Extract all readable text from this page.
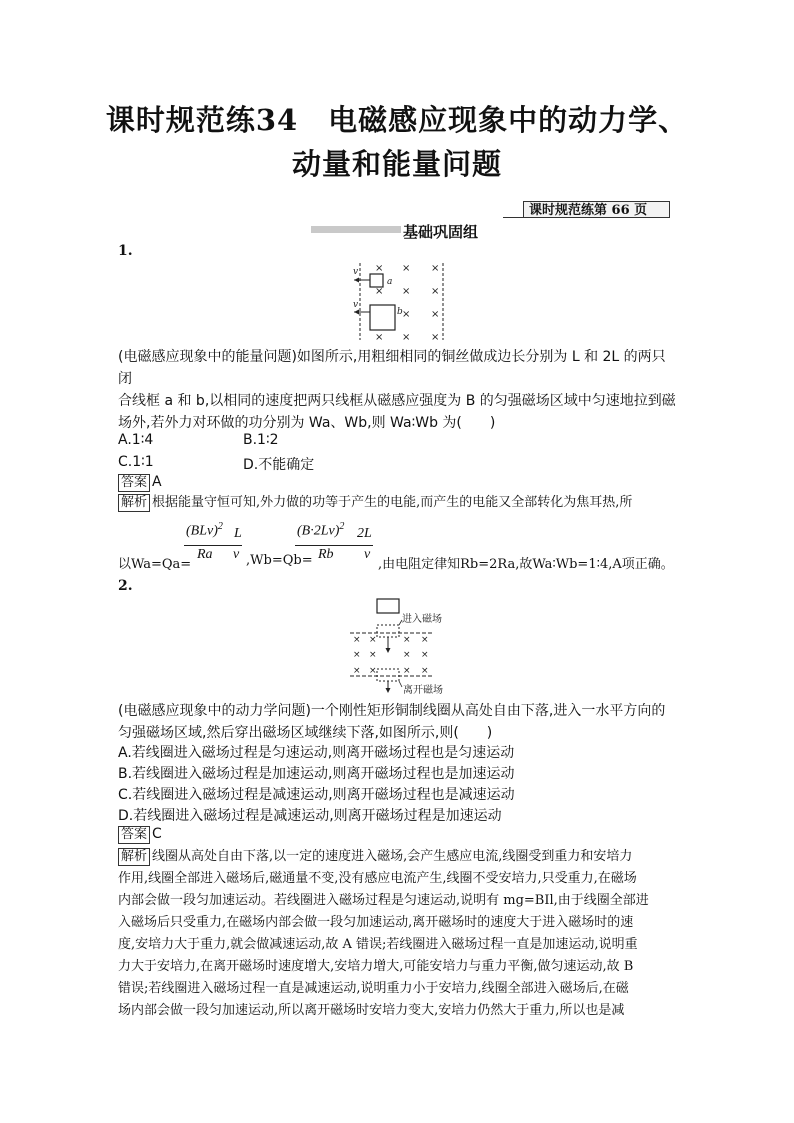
课时规范练34　电磁感应现象中的动力学、
动量和能量问题
课时规范练第 66 页
基础巩固组
1.
× × ×
× × ×
× ×
× × ×
v
v
a
b
(电磁感应现象中的能量问题)如图所示,用粗细相同的铜丝做成边长分别为 L 和 2L 的两只闭
合线框 a 和 b,以相同的速度把两只线框从磁感应强度为 B 的匀强磁场区域中匀速地拉到磁
场外,若外力对环做的功分别为 Wa、Wb,则 Wa∶Wb 为(　　)
A.1∶4	B.1∶2
C.1∶1	D.不能确定
答案 A
解析 根据能量守恒可知,外力做的功等于产生的电能,而产生的电能又全部转化为焦耳热,所
以Wa=Qa=
(BLv)$^2$ L
Ra v ,Wb=Qb=
$(B\cdot 2Lv)^2$ 2L
Rb v
,由电阻定律知Rb=2Ra,故Wa∶Wb=1∶4,A项正确。
2.
× ×	× ×
× ×	× ×
× ×	× ×
进入磁场
离开磁场
(电磁感应现象中的动力学问题)一个刚性矩形铜制线圈从高处自由下落,进入一水平方向的
匀强磁场区域,然后穿出磁场区域继续下落,如图所示,则(　　)
A.若线圈进入磁场过程是匀速运动,则离开磁场过程也是匀速运动
B.若线圈进入磁场过程是加速运动,则离开磁场过程也是加速运动
C.若线圈进入磁场过程是减速运动,则离开磁场过程也是减速运动
D.若线圈进入磁场过程是减速运动,则离开磁场过程是加速运动
答案 C
解析 线圈从高处自由下落,以一定的速度进入磁场,会产生感应电流,线圈受到重力和安培力
作用,线圈全部进入磁场后,磁通量不变,没有感应电流产生,线圈不受安培力,只受重力,在磁场
内部会做一段匀加速运动。若线圈进入磁场过程是匀速运动,说明有 mg=BIl,由于线圈全部进
入磁场后只受重力,在磁场内部会做一段匀加速运动,离开磁场时的速度大于进入磁场时的速
度,安培力大于重力,就会做减速运动,故 A 错误;若线圈进入磁场过程一直是加速运动,说明重
力大于安培力,在离开磁场时速度增大,安培力增大,可能安培力与重力平衡,做匀速运动,故 B
错误;若线圈进入磁场过程一直是减速运动,说明重力小于安培力,线圈全部进入磁场后,在磁
场内部会做一段匀加速运动,所以离开磁场时安培力变大,安培力仍然大于重力,所以也是减
